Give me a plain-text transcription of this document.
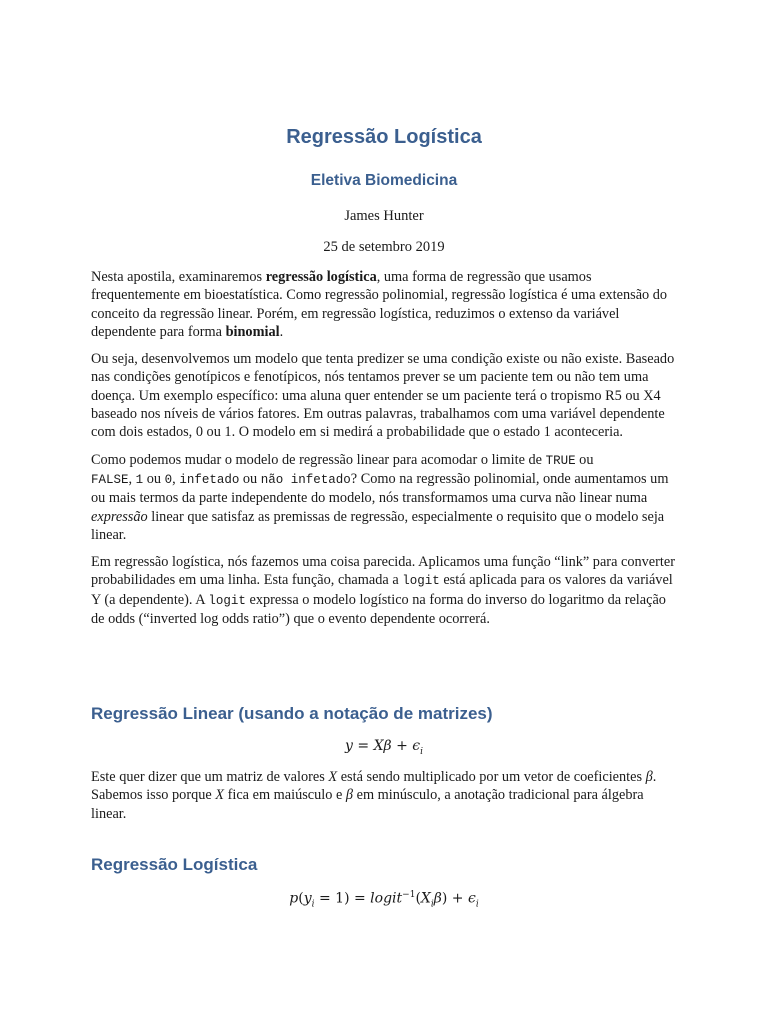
Regressão Logística
Eletiva Biomedicina
James Hunter
25 de setembro 2019

Nesta apostila, examinaremos regressão logística, uma forma de regressão que usamos frequentemente em bioestatística. Como regressão polinomial, regressão logística é uma extensão do conceito da regressão linear. Porém, em regressão logística, reduzimos o extenso da variável dependente para forma binomial.

Ou seja, desenvolvemos um modelo que tenta predizer se uma condição existe ou não existe. Baseado nas condições genotípicos e fenotípicos, nós tentamos prever se um paciente tem ou não tem uma doença. Um exemplo específico: uma aluna quer entender se um paciente terá o tropismo R5 ou X4 baseado nos níveis de vários fatores. Em outras palavras, trabalhamos com uma variável dependente com dois estados, 0 ou 1. O modelo em si medirá a probabilidade que o estado 1 aconteceria.

Como podemos mudar o modelo de regressão linear para acomodar o limite de TRUE ou
FALSE, 1 ou 0, infetado ou não infetado? Como na regressão polinomial, onde aumentamos um ou mais termos da parte independente do modelo, nós transformamos uma curva não linear numa expressão linear que satisfaz as premissas de regressão, especialmente o requisito que o modelo seja linear.

Em regressão logística, nós fazemos uma coisa parecida. Aplicamos uma função “link” para converter probabilidades em uma linha. Esta função, chamada a logit está aplicada para os valores da variável Y (a dependente). A logit expressa o modelo logístico na forma do inverso do logaritmo da relação de odds (“inverted log odds ratio”) que o evento dependente ocorrerá.

Regressão Linear (usando a notação de matrizes)
$y = X\beta + \epsilon_i$

Este quer dizer que um matriz de valores X está sendo multiplicado por um vetor de coeficientes β. Sabemos isso porque X fica em maiúsculo e β em minúsculo, a anotação tradicional para álgebra linear.

Regressão Logística
$p(y_i = 1)$ = $logit^{-1}(X_i\beta) + \epsilon_i$
